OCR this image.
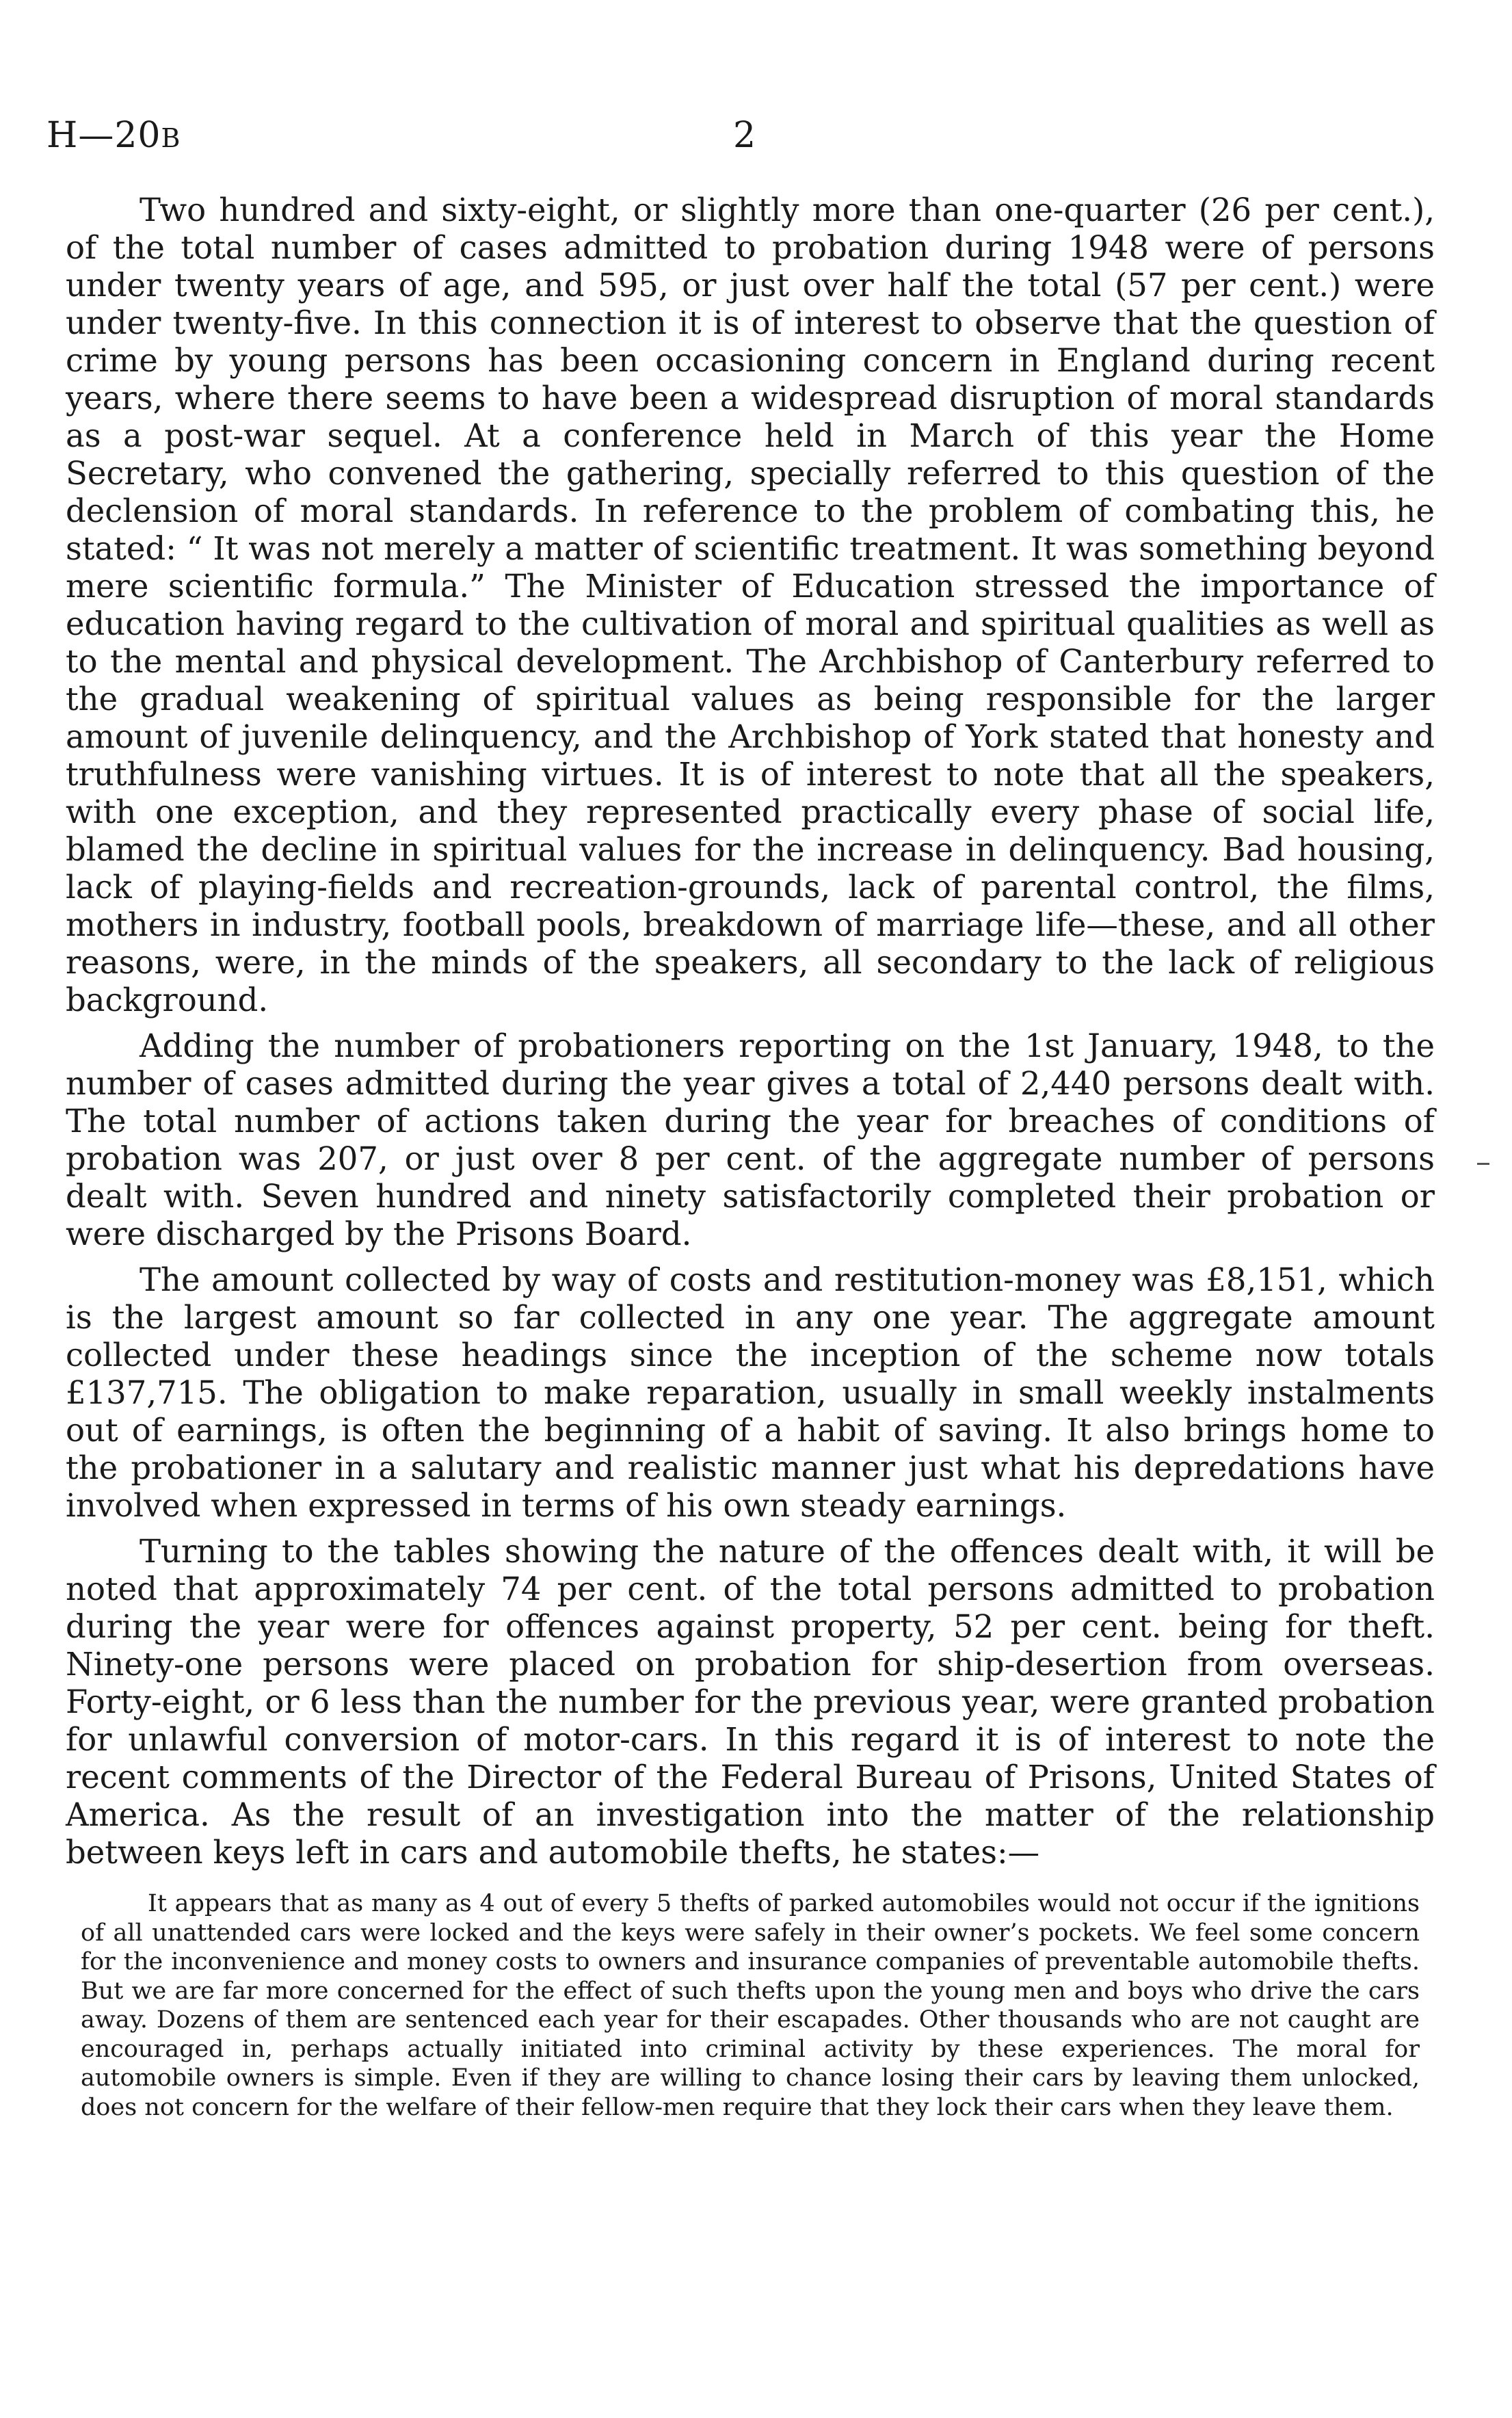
H—20B	2

Two hundred and sixty-eight, or slightly more than one-quarter (26 per cent.), of the total number of cases admitted to probation during 1948 were of persons under twenty years of age, and 595, or just over half the total (57 per cent.) were under twenty-five. In this connection it is of interest to observe that the question of crime by young persons has been occasioning concern in England during recent years, where there seems to have been a widespread disruption of moral standards as a post-war sequel. At a conference held in March of this year the Home Secretary, who convened the gathering, specially referred to this question of the declension of moral standards. In reference to the problem of combating this, he stated: “ It was not merely a matter of scientific treatment. It was something beyond mere scientific formula.” The Minister of Education stressed the importance of education having regard to the cultivation of moral and spiritual qualities as well as to the mental and physical development. The Archbishop of Canterbury referred to the gradual weakening of spiritual values as being responsible for the larger amount of juvenile delinquency, and the Archbishop of York stated that honesty and truthfulness were vanishing virtues. It is of interest to note that all the speakers, with one exception, and they represented practically every phase of social life, blamed the decline in spiritual values for the increase in delinquency. Bad housing, lack of playing-fields and recreation-grounds, lack of parental control, the films, mothers in industry, football pools, breakdown of marriage life—these, and all other reasons, were, in the minds of the speakers, all secondary to the lack of religious background.

Adding the number of probationers reporting on the 1st January, 1948, to the number of cases admitted during the year gives a total of 2,440 persons dealt with. The total number of actions taken during the year for breaches of conditions of probation was 207, or just over 8 per cent. of the aggregate number of persons dealt with. Seven hundred and ninety satisfactorily completed their probation or were discharged by the Prisons Board.

The amount collected by way of costs and restitution-money was £8,151, which is the largest amount so far collected in any one year. The aggregate amount collected under these headings since the inception of the scheme now totals £137,715. The obligation to make reparation, usually in small weekly instalments out of earnings, is often the beginning of a habit of saving. It also brings home to the probationer in a salutary and realistic manner just what his depredations have involved when expressed in terms of his own steady earnings.

Turning to the tables showing the nature of the offences dealt with, it will be noted that approximately 74 per cent. of the total persons admitted to probation during the year were for offences against property, 52 per cent. being for theft. Ninety-one persons were placed on probation for ship-desertion from overseas. Forty-eight, or 6 less than the number for the previous year, were granted probation for unlawful conversion of motor-cars. In this regard it is of interest to note the recent comments of the Director of the Federal Bureau of Prisons, United States of America. As the result of an investigation into the matter of the relationship between keys left in cars and automobile thefts, he states:—

It appears that as many as 4 out of every 5 thefts of parked automobiles would not occur if the ignitions of all unattended cars were locked and the keys were safely in their owner’s pockets. We feel some concern for the inconvenience and money costs to owners and insurance companies of preventable automobile thefts. But we are far more concerned for the effect of such thefts upon the young men and boys who drive the cars away. Dozens of them are sentenced each year for their escapades. Other thousands who are not caught are encouraged in, perhaps actually initiated into criminal activity by these experiences. The moral for automobile owners is simple. Even if they are willing to chance losing their cars by leaving them unlocked, does not concern for the welfare of their fellow-men require that they lock their cars when they leave them.
